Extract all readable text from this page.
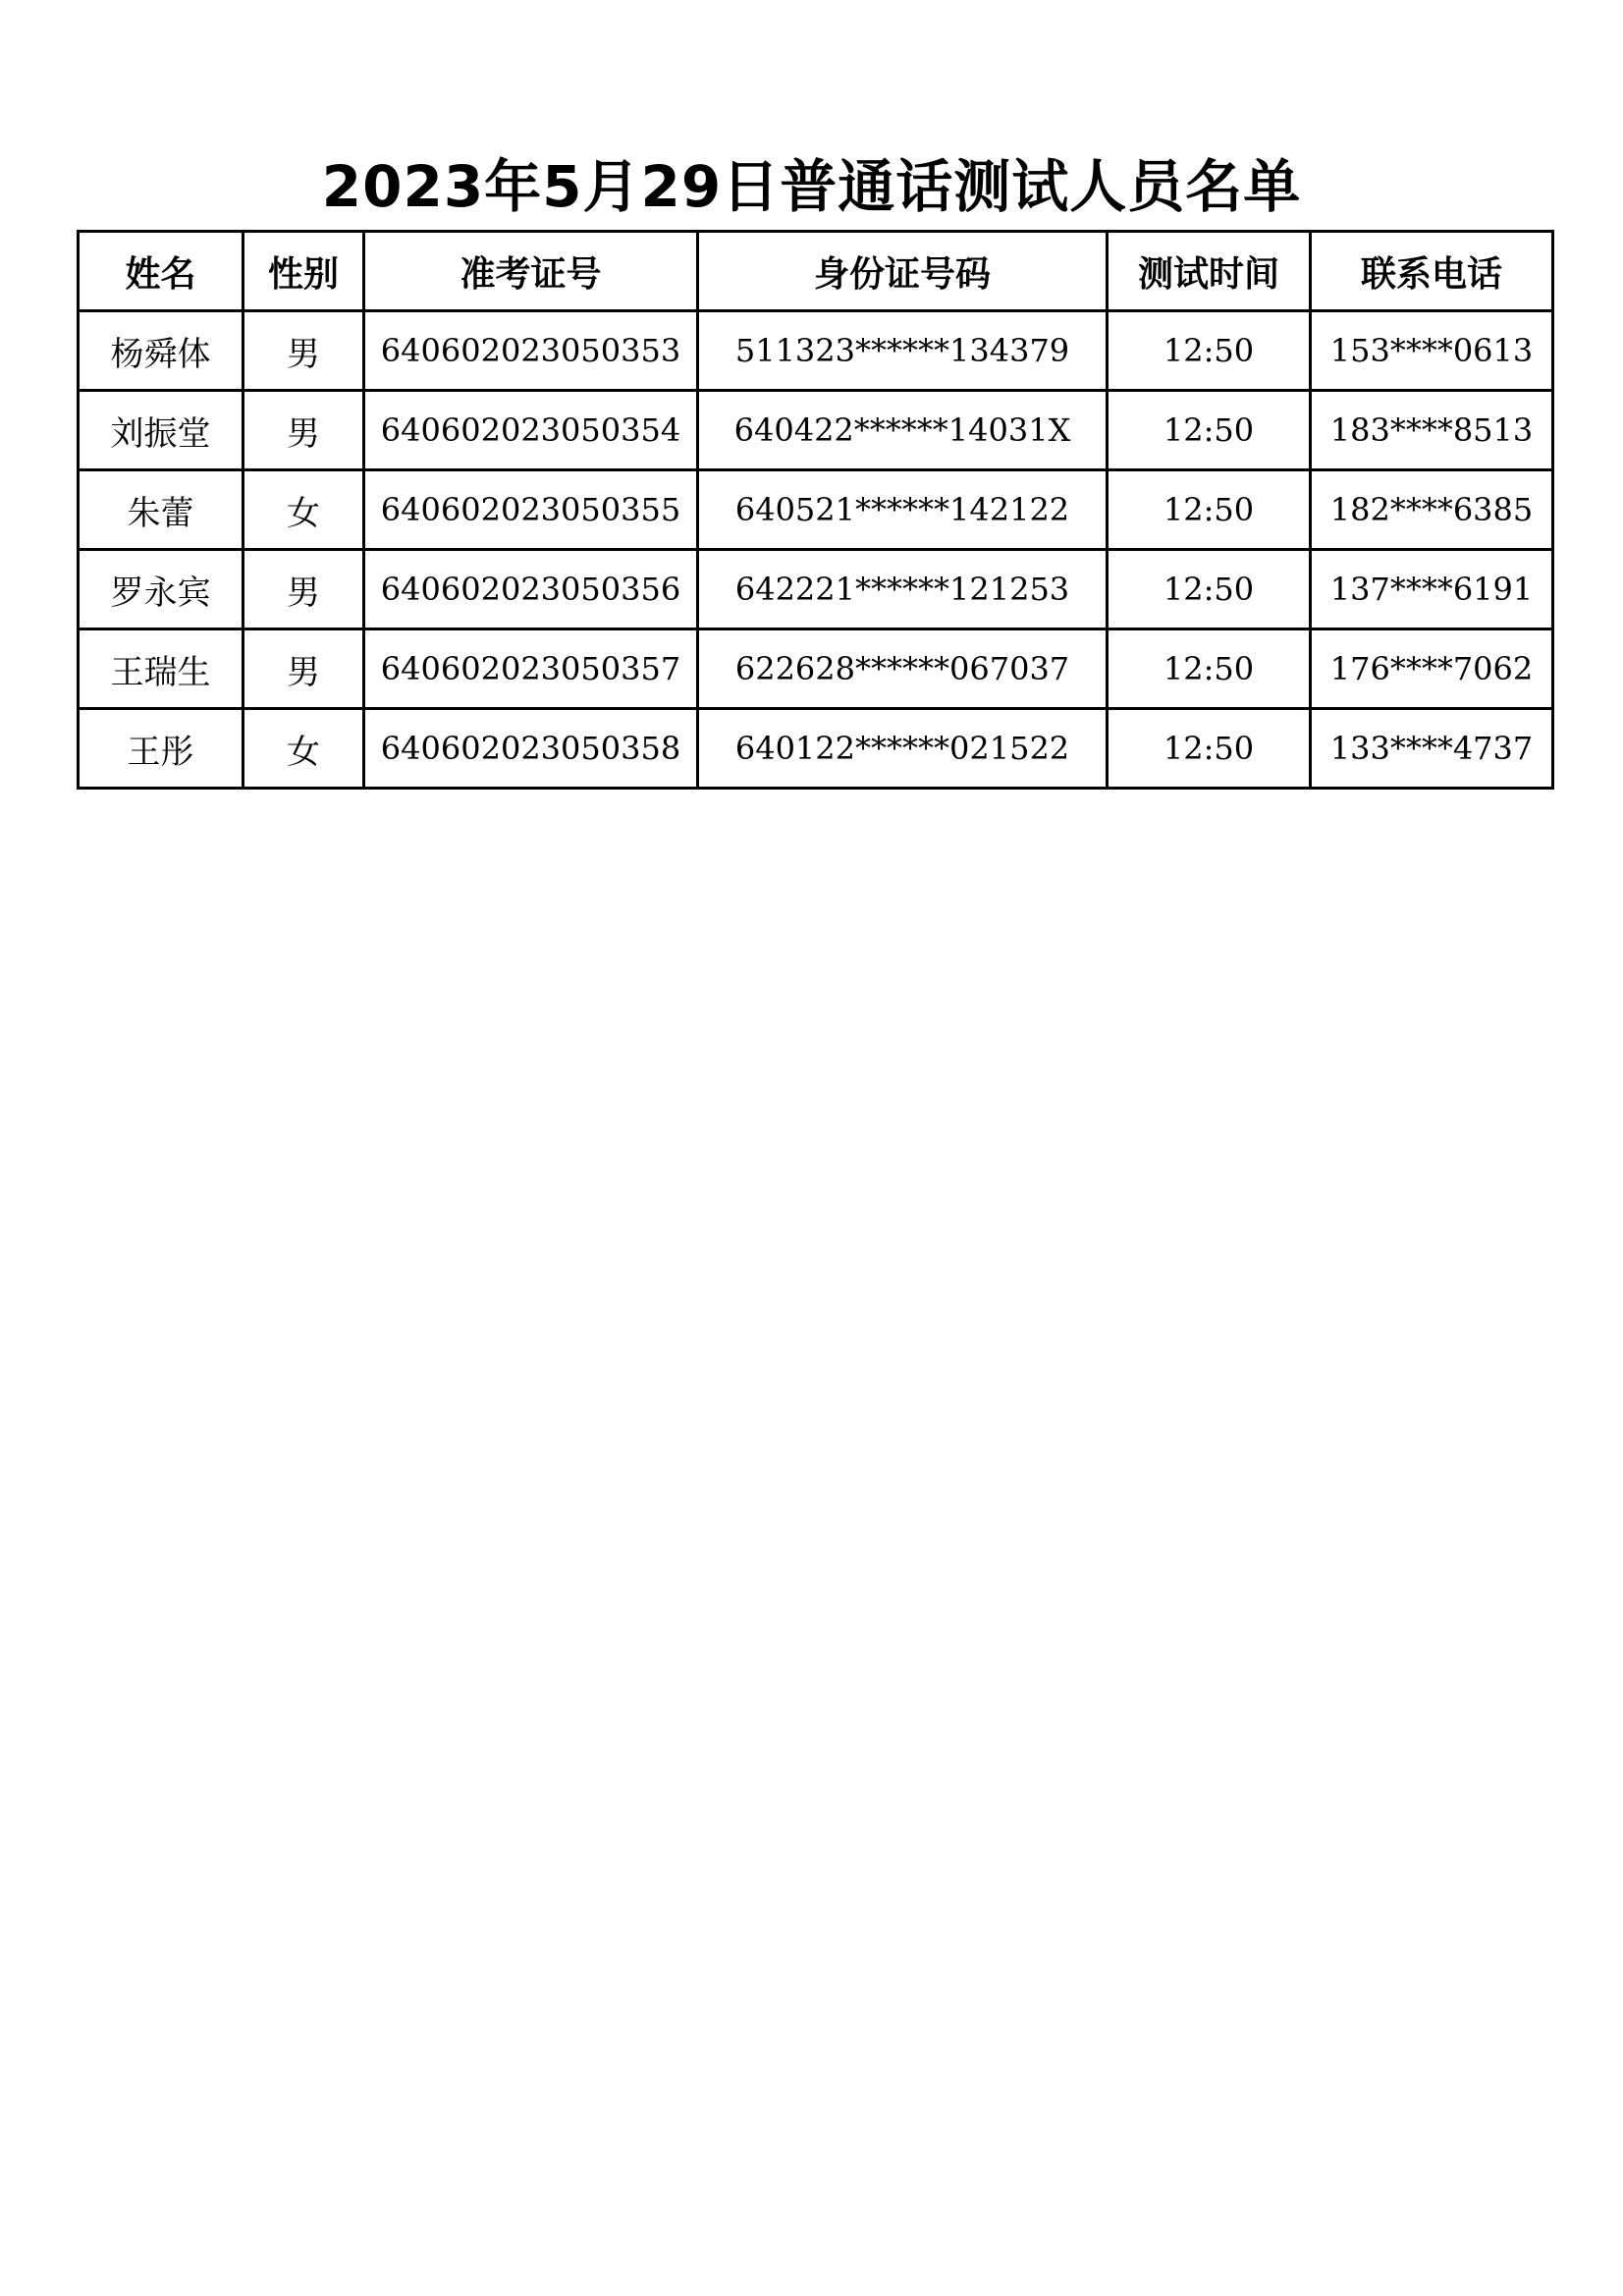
2023年5月29日普通话测试人员名单
姓名	性别	准考证号	身份证号码	测试时间	联系电话
杨舜体	男	640602023050353	511323******134379	12:50	153****0613
刘振堂	男	640602023050354	640422******14031X	12:50	183****8513
朱蕾	女	640602023050355	640521******142122	12:50	182****6385
罗永宾	男	640602023050356	642221******121253	12:50	137****6191
王瑞生	男	640602023050357	622628******067037	12:50	176****7062
王彤	女	640602023050358	640122******021522	12:50	133****4737
